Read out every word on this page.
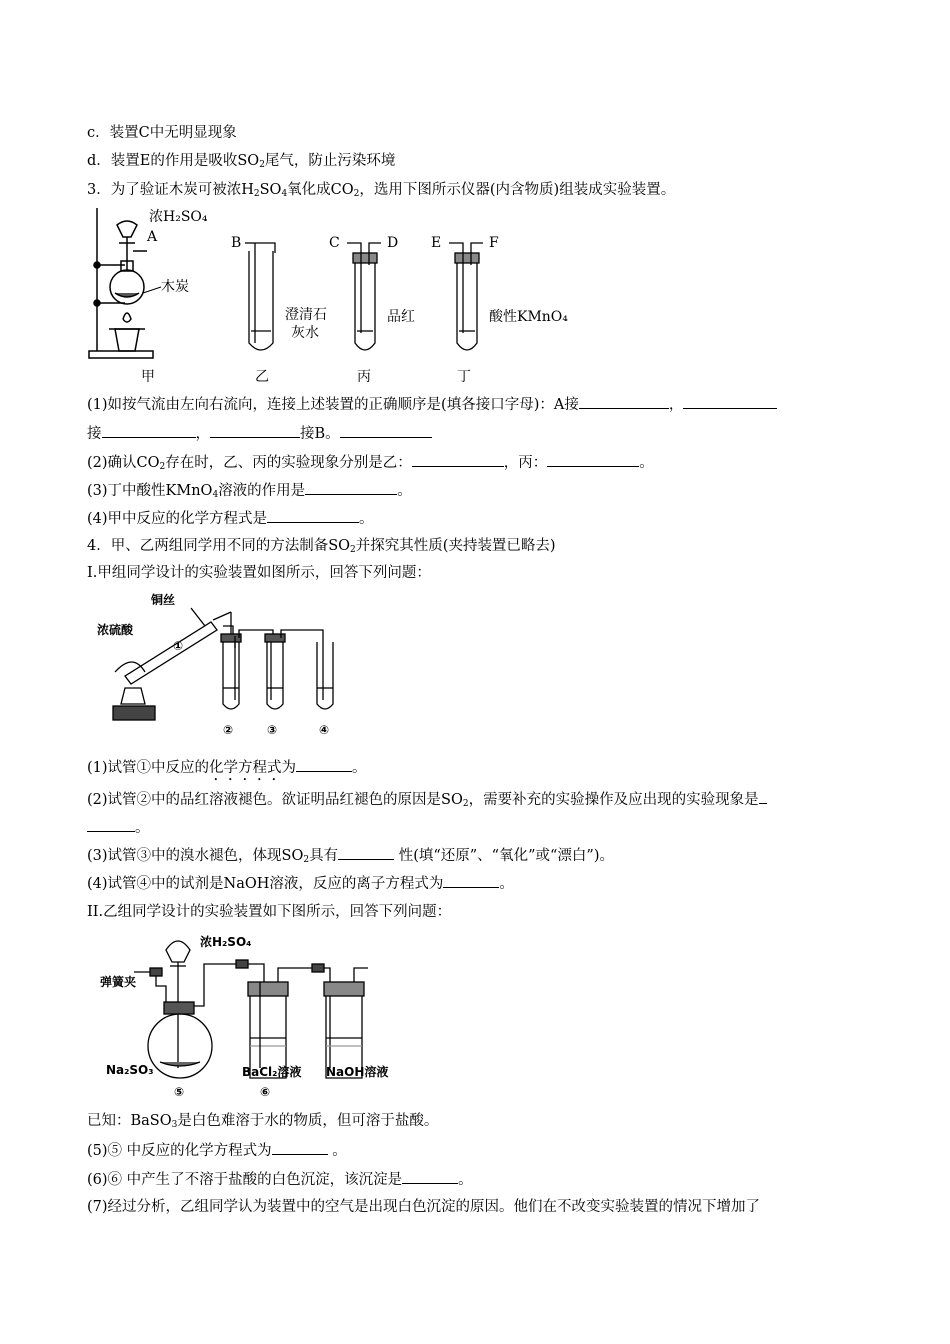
c．装置C中无明显现象
d．装置E的作用是吸收$SO_2$尾气，防止污染环境
3．为了验证木炭可被浓$H_2SO_4$氧化成$CO_2$，选用下图所示仪器(内含物质)组装成实验装置。
浓H₂SO₄
A
木炭
甲
B
澄清石
灰水
乙
C	D
品红
丙
E	F
酸性KMnO₄
丁
(1)如按气流由左向右流向，连接上述装置的正确顺序是(填各接口字母)：A接	，
接	，	接B。
(2)确认$CO_2$存在时，乙、丙的实验现象分别是乙：	，丙：	。
(3)丁中酸性KMnO$_4$溶液的作用是	。
(4)甲中反应的化学方程式是	。
4．甲、乙两组同学用不同的方法制备$SO_2$并探究其性质(夹持装置已略去)
I.甲组同学设计的实验装置如图所示，回答下列问题：
铜丝
浓硫酸
①
②	③	④
(1)试管①中反应的化学方程式为	。
(2)试管②中的品红溶液褪色。欲证明品红褪色的原因是$SO_2$，需要补充的实验操作及应出现的实验现象是
。
(3)试管③中的溴水褪色，体现$SO_2$具有	性(填“还原”、“氧化”或“漂白”)。
(4)试管④中的试剂是NaOH溶液，反应的离子方程式为	。
II.乙组同学设计的实验装置如下图所示，回答下列问题：
弹簧夹
浓H₂SO₄
Na₂SO₃
⑤
BaCl₂溶液 NaOH溶液
⑥
已知：BaSO$_3$是白色难溶于水的物质，但可溶于盐酸。
(5)⑤ 中反应的化学方程式为	。
(6)⑥ 中产生了不溶于盐酸的白色沉淀，该沉淀是	。
(7)经过分析，乙组同学认为装置中的空气是出现白色沉淀的原因。他们在不改变实验装置的情况下增加了
